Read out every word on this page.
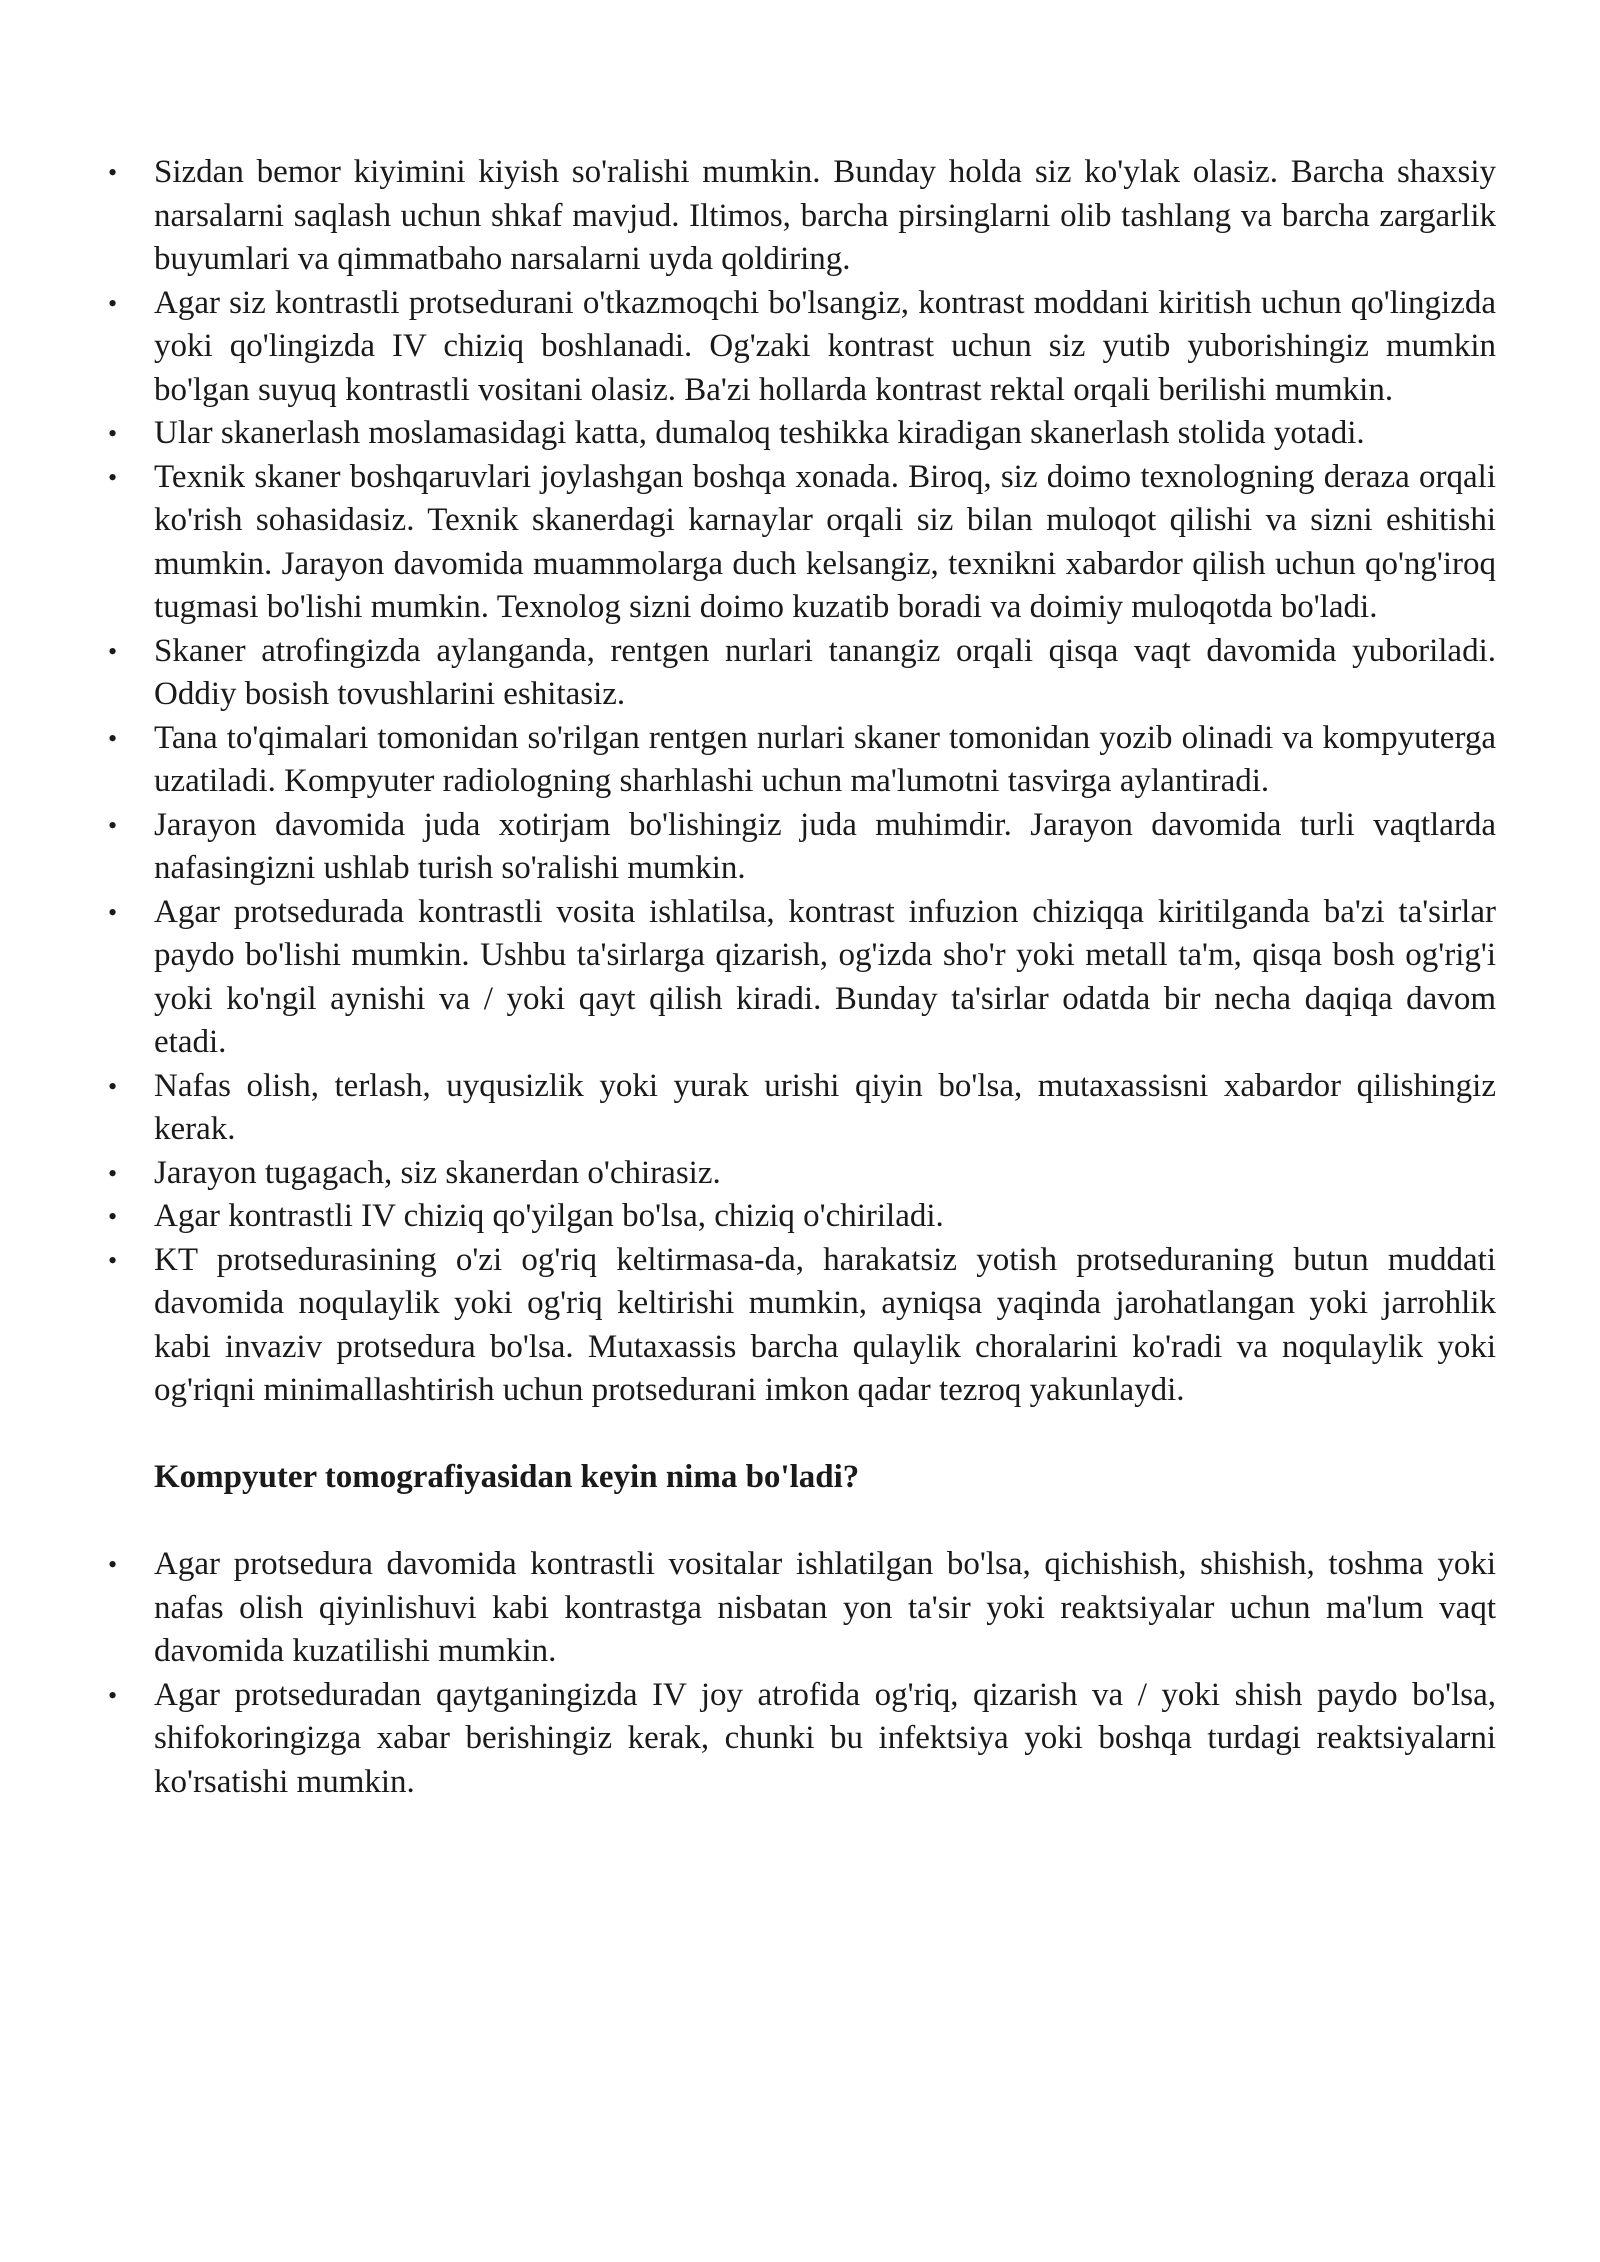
• Sizdan bemor kiyimini kiyish so'ralishi mumkin. Bunday holda siz ko'ylak olasiz. Barcha shaxsiy narsalarni saqlash uchun shkaf mavjud. Iltimos, barcha pirsinglarni olib tashlang va barcha zargarlik buyumlari va qimmatbaho narsalarni uyda qoldiring.
• Agar siz kontrastli protsedurani o'tkazmoqchi bo'lsangiz, kontrast moddani kiritish uchun qo'lingizda yoki qo'lingizda IV chiziq boshlanadi. Og'zaki kontrast uchun siz yutib yuborishingiz mumkin bo'lgan suyuq kontrastli vositani olasiz. Ba'zi hollarda kontrast rektal orqali berilishi mumkin.
• Ular skanerlash moslamasidagi katta, dumaloq teshikka kiradigan skanerlash stolida yotadi.
• Texnik skaner boshqaruvlari joylashgan boshqa xonada. Biroq, siz doimo texnologning deraza orqali ko'rish sohasidasiz. Texnik skanerdagi karnaylar orqali siz bilan muloqot qilishi va sizni eshitishi mumkin. Jarayon davomida muammolarga duch kelsangiz, texnikni xabardor qilish uchun qo'ng'iroq tugmasi bo'lishi mumkin. Texnolog sizni doimo kuzatib boradi va doimiy muloqotda bo'ladi.
• Skaner atrofingizda aylanganda, rentgen nurlari tanangiz orqali qisqa vaqt davomida yuboriladi. Oddiy bosish tovushlarini eshitasiz.
• Tana to'qimalari tomonidan so'rilgan rentgen nurlari skaner tomonidan yozib olinadi va kompyuterga uzatiladi. Kompyuter radiologning sharhlashi uchun ma'lumotni tasvirga aylantiradi.
• Jarayon davomida juda xotirjam bo'lishingiz juda muhimdir. Jarayon davomida turli vaqtlarda nafasingizni ushlab turish so'ralishi mumkin.
• Agar protsedurada kontrastli vosita ishlatilsa, kontrast infuzion chiziqqa kiritilganda ba'zi ta'sirlar paydo bo'lishi mumkin. Ushbu ta'sirlarga qizarish, og'izda sho'r yoki metall ta'm, qisqa bosh og'rig'i yoki ko'ngil aynishi va / yoki qayt qilish kiradi. Bunday ta'sirlar odatda bir necha daqiqa davom etadi.
• Nafas olish, terlash, uyqusizlik yoki yurak urishi qiyin bo'lsa, mutaxassisni xabardor qilishingiz kerak.
• Jarayon tugagach, siz skanerdan o'chirasiz.
• Agar kontrastli IV chiziq qo'yilgan bo'lsa, chiziq o'chiriladi.
• KT protsedurasining o'zi og'riq keltirmasa-da, harakatsiz yotish protseduraning butun muddati davomida noqulaylik yoki og'riq keltirishi mumkin, ayniqsa yaqinda jarohatlangan yoki jarrohlik kabi invaziv protsedura bo'lsa. Mutaxassis barcha qulaylik choralarini ko'radi va noqulaylik yoki og'riqni minimallashtirish uchun protsedurani imkon qadar tezroq yakunlaydi.
Kompyuter tomografiyasidan keyin nima bo'ladi?
• Agar protsedura davomida kontrastli vositalar ishlatilgan bo'lsa, qichishish, shishish, toshma yoki nafas olish qiyinlishuvi kabi kontrastga nisbatan yon ta'sir yoki reaktsiyalar uchun ma'lum vaqt davomida kuzatilishi mumkin.
• Agar protseduradan qaytganingizda IV joy atrofida og'riq, qizarish va / yoki shish paydo bo'lsa, shifokoringizga xabar berishingiz kerak, chunki bu infektsiya yoki boshqa turdagi reaktsiyalarni ko'rsatishi mumkin.
